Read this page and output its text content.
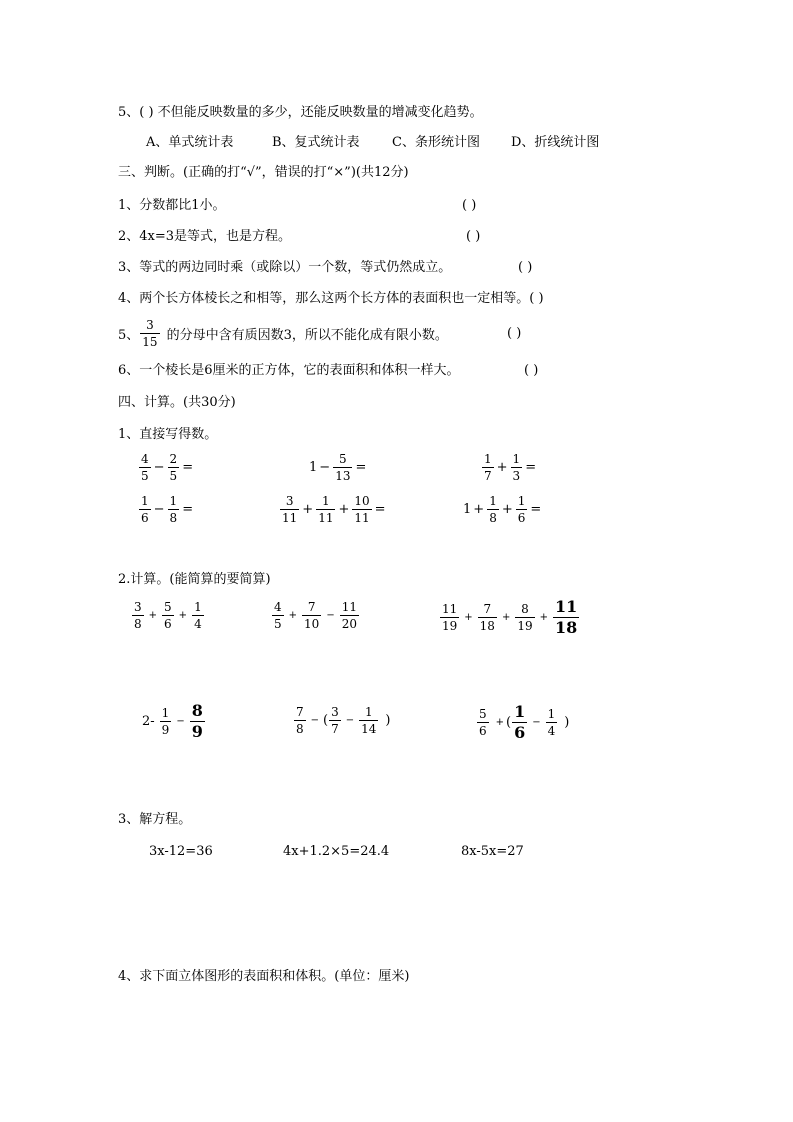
5、( ) 不但能反映数量的多少，还能反映数量的增减变化趋势。
A、单式统计表	B、复式统计表 C、条形统计图 D、折线统计图
三、判断。(正确的打“√”，错误的打“×”)(共12分)
1、分数都比1小。	( )
2、4x=3是等式，也是方程。	( )
3、等式的两边同时乘（或除以）一个数，等式仍然成立。	( )
4、两个长方体棱长之和相等，那么这两个长方体的表面积也一定相等。( )
5、 $\frac{3}{15}$ 的分母中含有质因数3，所以不能化成有限小数。	( )
6、一个棱长是6厘米的正方体，它的表面积和体积一样大。	( )
四、计算。(共30分)
1、直接写得数。
$\frac{4}{5} - \frac{2}{5}$ =	$1 - \frac{5}{13}$ =	$\frac{1}{7} + \frac{1}{3}$ =
$\frac{1}{6} - \frac{1}{8}$ =	$\frac{3}{11} + \frac{1}{11} + \frac{10}{11}$ =	$1 + \frac{1}{8} + \frac{1}{6}$ =
2.计算。(能简算的要简算)
$\frac{3}{8} + \frac{5}{6} + \frac{1}{4}$	$\frac{4}{5} + \frac{7}{10} - \frac{11}{20}$	$\frac{11}{19} + \frac{7}{18} + \frac{8}{19} + \frac{11}{18}$
$2- \frac{1}{9} - \frac{8}{9}$	$\frac{7}{8}$ − ( $\frac{3}{7} - \frac{1}{14}$ )	$\frac{5}{6}$ + ( $\frac{1}{6} - \frac{1}{4}$ )
3、解方程。
3x-12=36	4x+1.2×5=24.4	8x-5x=27
4、求下面立体图形的表面积和体积。(单位：厘米)
